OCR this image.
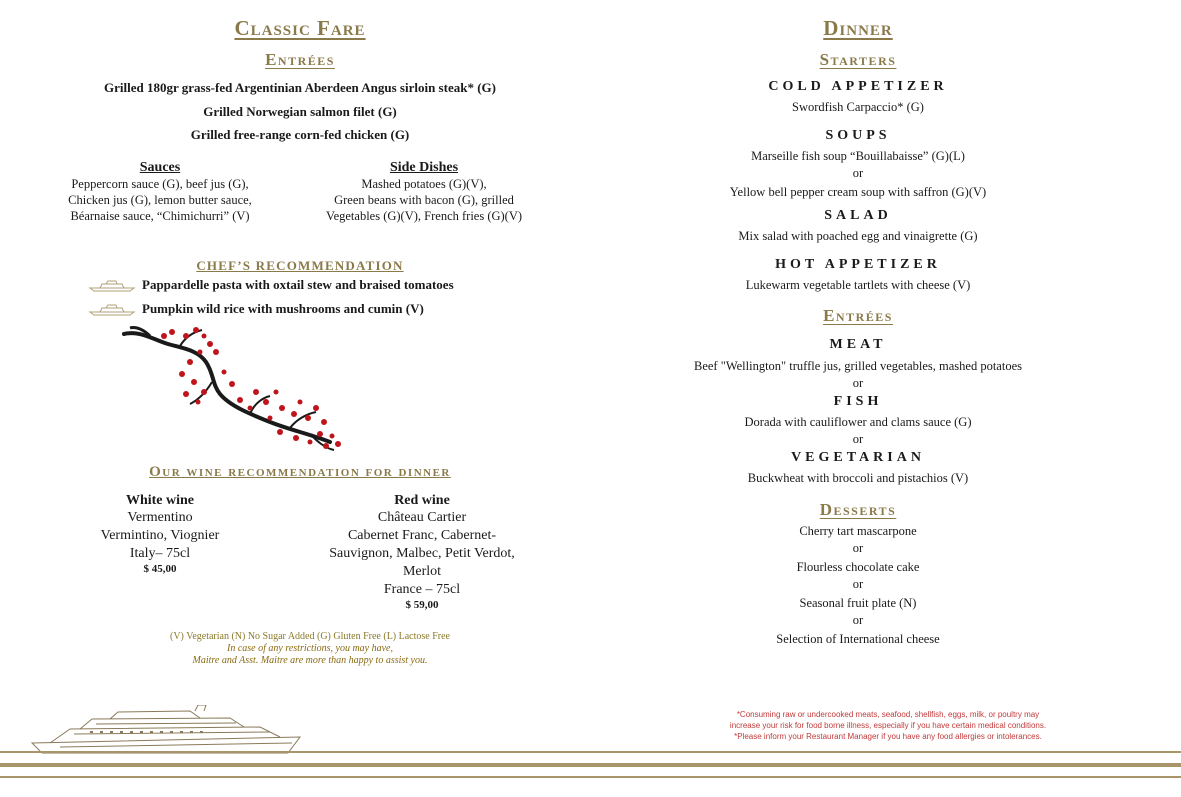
Classic Fare
Entrées
Grilled 180gr grass-fed Argentinian Aberdeen Angus sirloin steak* (G)
Grilled Norwegian salmon filet (G)
Grilled free-range corn-fed chicken (G)
Sauces
Peppercorn sauce (G), beef jus (G),
Chicken jus (G), lemon butter sauce,
Béarnaise sauce, “Chimichurri” (V)
Side Dishes
Mashed potatoes (G)(V),
Green beans with bacon (G), grilled
Vegetables (G)(V), French fries (G)(V)
CHEF’S RECOMMENDATION
Pappardelle pasta with oxtail stew and braised tomatoes
Pumpkin wild rice with mushrooms and cumin (V)
Our wine recommendation for dinner
White wine
Vermentino
Vermintino, Viognier
Italy– 75cl
$ 45,00
Red wine
Château Cartier
Cabernet Franc, Cabernet-
Sauvignon, Malbec, Petit Verdot,
Merlot
France – 75cl
$ 59,00
(V) Vegetarian (N) No Sugar Added (G) Gluten Free (L) Lactose Free
In case of any restrictions, you may have,
Maitre and Asst. Maitre are more than happy to assist you.
Dinner
Starters
COLD APPETIZER
Swordfish Carpaccio* (G)
SOUPS
Marseille fish soup “Bouillabaisse” (G)(L)
or
Yellow bell pepper cream soup with saffron (G)(V)
SALAD
Mix salad with poached egg and vinaigrette (G)
HOT APPETIZER
Lukewarm vegetable tartlets with cheese (V)
Entrées
MEAT
Beef "Wellington" truffle jus, grilled vegetables, mashed potatoes
or
FISH
Dorada with cauliflower and clams sauce (G)
or
VEGETARIAN
Buckwheat with broccoli and pistachios (V)
Desserts
Cherry tart mascarpone
or
Flourless chocolate cake
or
Seasonal fruit plate (N)
or
Selection of International cheese
*Consuming raw or undercooked meats, seafood, shellfish, eggs, milk, or poultry may
increase your risk for food borne illness, especially if you have certain medical conditions.
*Please inform your Restaurant Manager if you have any food allergies or intolerances.
